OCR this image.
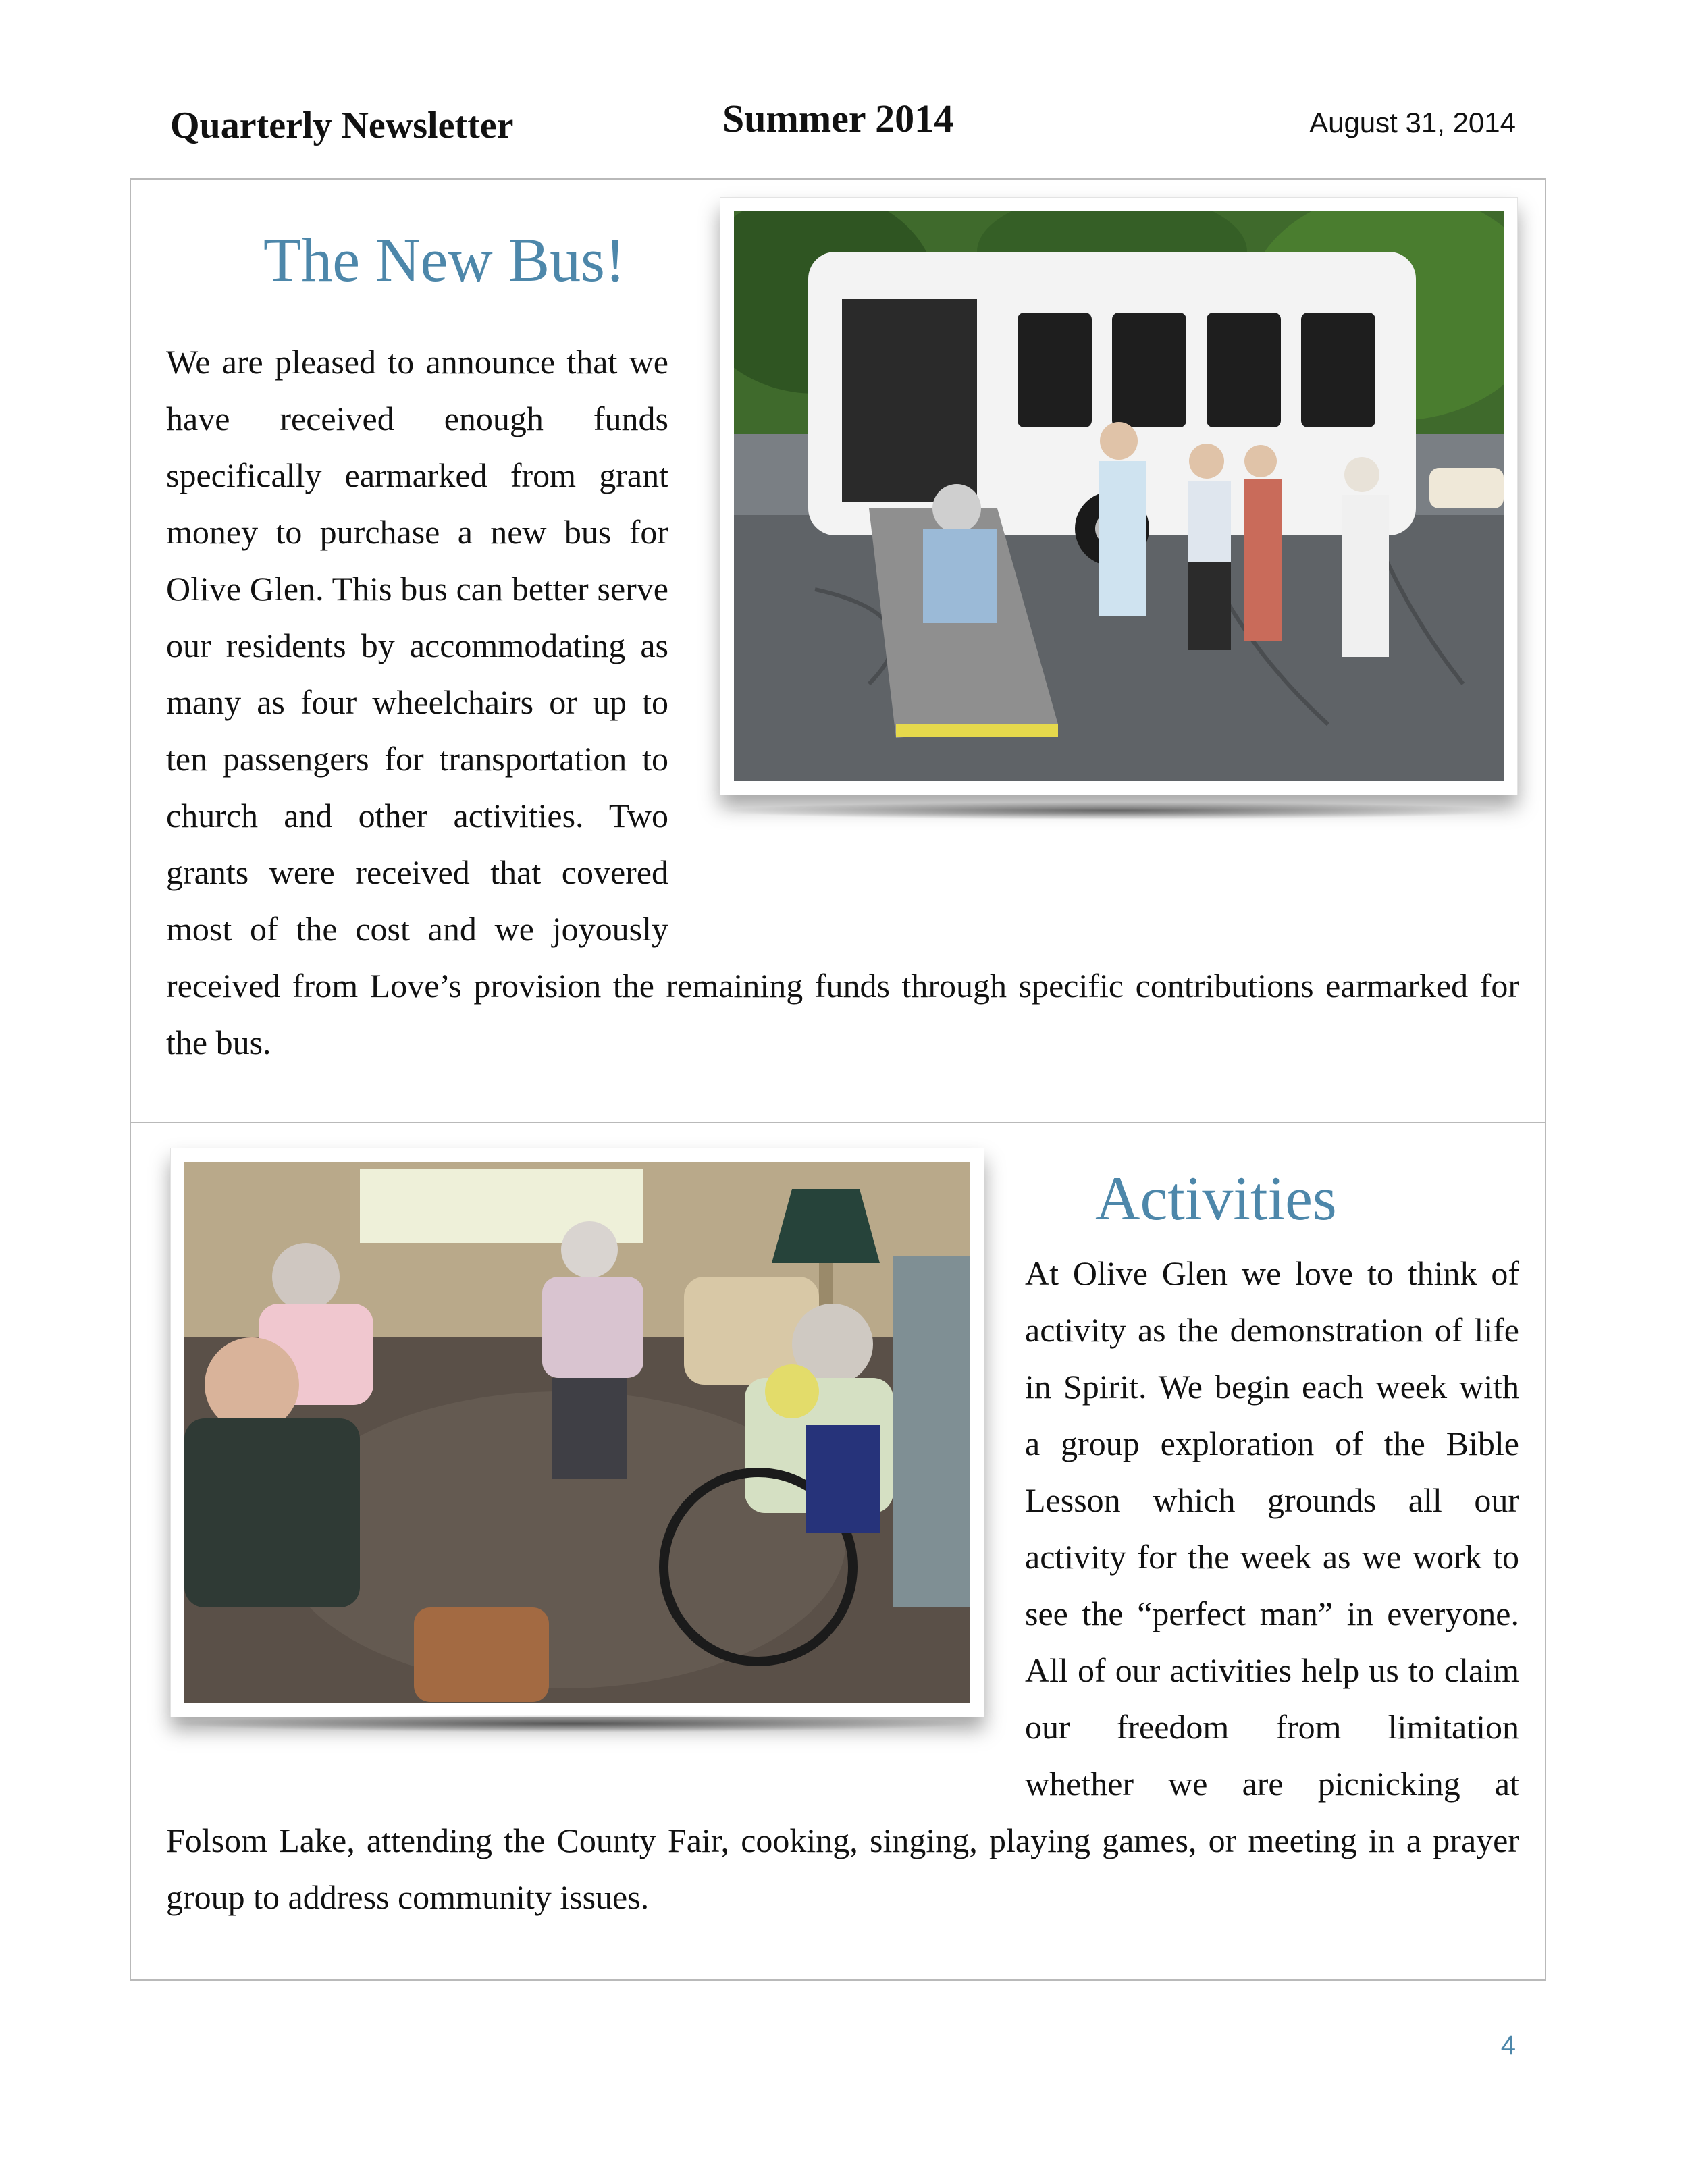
Quarterly Newsletter	Summer 2014	August 31, 2014
The New Bus!
We are pleased to announce that we have received enough funds specifically earmarked from grant money to purchase a new bus for Olive Glen. This bus can better serve our residents by accommodating as many as four wheelchairs or up to ten passengers for transportation to church and other activities. Two grants were received that covered most of the cost and we joyously received from Love’s provision the remaining funds through specific contributions earmarked for the bus.
Activities
At Olive Glen we love to think of activity as the demonstration of life in Spirit. We begin each week with a group exploration of the Bible Lesson which grounds all our activity for the week as we work to see the “perfect man” in everyone. All of our activities help us to claim our freedom from limitation whether we are picnicking at Folsom Lake, attending the County Fair, cooking, singing, playing games, or meeting in a prayer group to address community issues.
4
